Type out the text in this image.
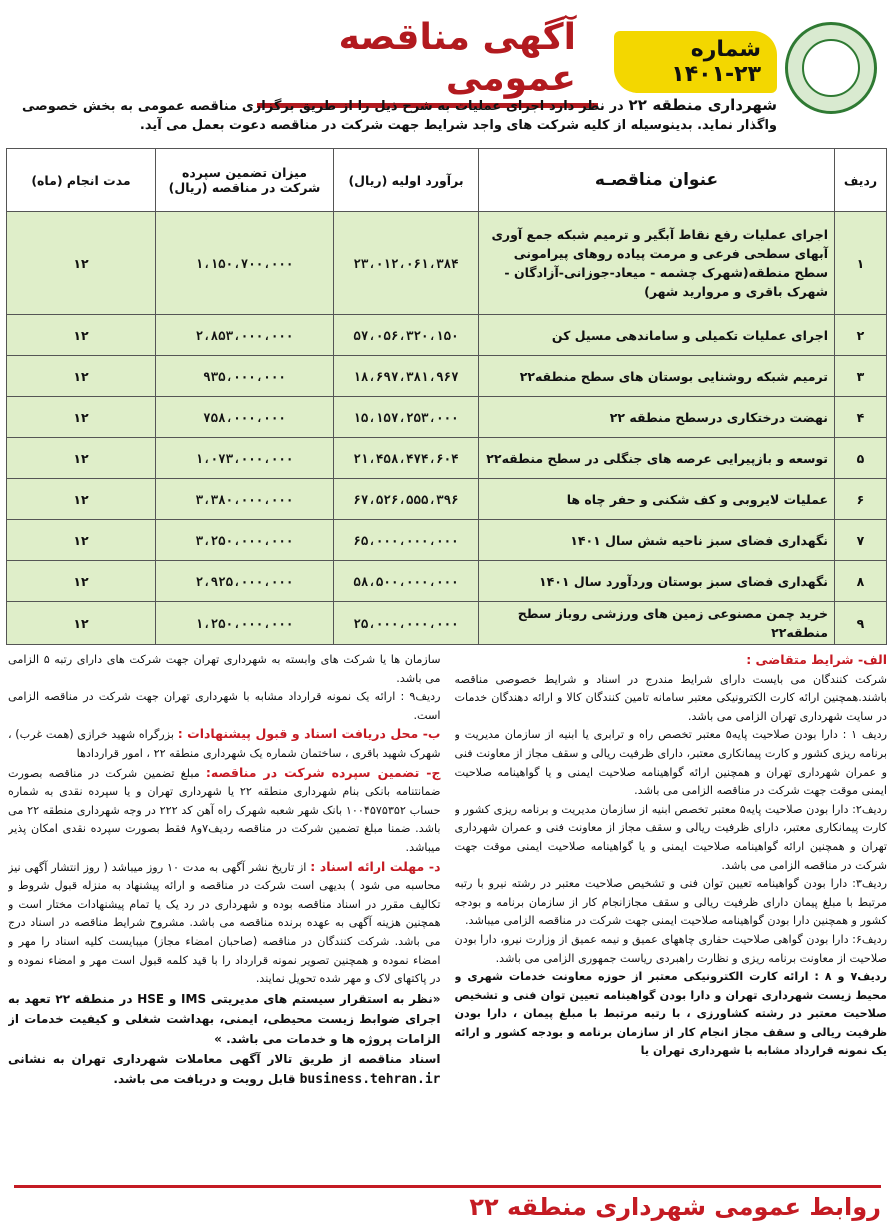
شماره ۲۳-۱۴۰۱
آگهی مناقصه عمومی
شهرداری منطقه ۲۲ در نظر دارد اجرای عملیات به شرح ذیل را از طریق برگزاری مناقصه عمومی به بخش خصوصی واگذار نماید. بدینوسیله از کلیه شرکت های واجد شرایط جهت شرکت در مناقصه دعوت بعمل می آید.
ردیف	عنوان مناقصـه	برآورد اولیه (ریال)	میزان تضمین سپرده شرکت در مناقصه (ریال)	مدت انجام (ماه)
۱	اجرای عملیات رفع نقاط آبگیر و ترمیم شبکه جمع آوری آبهای سطحی فرعی و مرمت پیاده روهای پیرامونی سطح منطقه(شهرک چشمه - میعاد-جوزانی-آزادگان - شهرک باقری و مروارید شهر)	۲۳،۰۱۲،۰۶۱،۳۸۴	۱،۱۵۰،۷۰۰،۰۰۰	۱۲
۲	اجرای عملیات تکمیلی و ساماندهی مسیل کن	۵۷،۰۵۶،۳۲۰،۱۵۰	۲،۸۵۳،۰۰۰،۰۰۰	۱۲
۳	ترمیم شبکه روشنایی بوستان های سطح منطقه۲۲	۱۸،۶۹۷،۳۸۱،۹۶۷	۹۳۵،۰۰۰،۰۰۰	۱۲
۴	نهضت درختکاری درسطح منطقه ۲۲	۱۵،۱۵۷،۲۵۳،۰۰۰	۷۵۸،۰۰۰،۰۰۰	۱۲
۵	توسعه و بازپیرایی عرصه های جنگلی در سطح منطقه۲۲	۲۱،۴۵۸،۴۷۴،۶۰۴	۱،۰۷۳،۰۰۰،۰۰۰	۱۲
۶	عملیات لایروبی و کف شکنی و حفر چاه ها	۶۷،۵۲۶،۵۵۵،۳۹۶	۳،۳۸۰،۰۰۰،۰۰۰	۱۲
۷	نگهداری فضای سبز ناحیه شش سال ۱۴۰۱	۶۵،۰۰۰،۰۰۰،۰۰۰	۳،۲۵۰،۰۰۰،۰۰۰	۱۲
۸	نگهداری فضای سبز بوستان وردآورد سال ۱۴۰۱	۵۸،۵۰۰،۰۰۰،۰۰۰	۲،۹۲۵،۰۰۰،۰۰۰	۱۲
۹	خرید چمن مصنوعی زمین های ورزشی روباز سطح منطقه۲۲	۲۵،۰۰۰،۰۰۰،۰۰۰	۱،۲۵۰،۰۰۰،۰۰۰	۱۲

الف- شرایط متقاضی :

شرکت کنندگان می بایست دارای شرایط مندرج در اسناد و شرایط خصوصی مناقصه باشند.همچنین ارائه کارت الکترونیکی معتبر سامانه تامین کنندگان کالا و ارائه دهندگان خدمات در سایت شهرداری تهران الزامی می باشد.

ردیف ۱ : دارا بودن صلاحیت پایه۵ معتبر تخصص راه و ترابری یا ابنیه از سازمان مدیریت و برنامه ریزی کشور و کارت پیمانکاری معتبر، دارای ظرفیت ریالی و سقف مجاز از معاونت فنی و عمران شهرداری تهران و همچنین ارائه گواهینامه صلاحیت ایمنی و یا گواهینامه صلاحیت ایمنی موقت جهت شرکت در مناقصه الزامی می باشد.

ردیف۲: دارا بودن صلاحیت پایه۵ معتبر تخصص ابنیه از سازمان مدیریت و برنامه ریزی کشور و کارت پیمانکاری معتبر، دارای ظرفیت ریالی و سقف مجاز از معاونت فنی و عمران شهرداری تهران و همچنین ارائه گواهینامه صلاحیت ایمنی و یا گواهینامه صلاحیت ایمنی موقت جهت شرکت در مناقصه الزامی می باشد.

ردیف۳: دارا بودن گواهینامه تعیین توان فنی و تشخیص صلاحیت معتبر در رشته نیرو با رتبه مرتبط با مبلغ پیمان دارای ظرفیت ریالی و سقف مجازانجام کار از سازمان برنامه و بودجه کشور و همچنین دارا بودن گواهینامه صلاحیت ایمنی جهت شرکت در مناقصه الزامی میباشد.

ردیف۶: دارا بودن گواهی صلاحیت حفاری چاههای عمیق و نیمه عمیق از وزارت نیرو، دارا بودن صلاحیت از معاونت برنامه ریزی و نظارت راهبردی ریاست جمهوری الزامی می باشد.

ردیف۷ و ۸ : ارائه کارت الکترونیکی معتبر از حوزه معاونت خدمات شهری و محیط زیست شهرداری تهران و دارا بودن گواهینامه تعیین توان فنی و تشخیص صلاحیت معتبر در رشته کشاورزی ، با رتبه مرتبط با مبلغ پیمان ، دارا بودن ظرفیت ریالی و سقف مجاز انجام کار از سازمان برنامه و بودجه کشور و ارائه یک نمونه قرارداد مشابه با شهرداری تهران یا

سازمان ها یا شرکت های وابسته به شهرداری تهران جهت شرکت های دارای رتبه ۵ الزامی می باشد.

ردیف۹ : ارائه یک نمونه قرارداد مشابه با شهرداری تهران جهت شرکت در مناقصه الزامی است.

ب- محل دریافت اسناد و قبول پیشنهادات : بزرگراه شهید خرازی (همت غرب) ، شهرک شهید باقری ، ساختمان شماره یک شهرداری منطقه ۲۲ ، امور قراردادها

ج- تضمین سپرده شرکت در مناقصه: مبلغ تضمین شرکت در مناقصه بصورت ضمانتنامه بانکی بنام شهرداری منطقه ۲۲ یا شهرداری تهران و یا سپرده نقدی به شماره حساب ۱۰۰۴۵۷۵۳۵۲ بانک شهر شعبه شهرک راه آهن کد ۲۲۲ در وجه شهرداری منطقه ۲۲ می باشد. ضمنا مبلغ تضمین شرکت در مناقصه ردیف۷و۸ فقط بصورت سپرده نقدی امکان پذیر میباشد.

د- مهلت ارائه اسناد : از تاریخ نشر آگهی به مدت ۱۰ روز میباشد ( روز انتشار آگهی نیز محاسبه می شود ) بدیهی است شرکت در مناقصه و ارائه پیشنهاد به منزله قبول شروط و تکالیف مقرر در اسناد مناقصه بوده و شهرداری در رد یک یا تمام پیشنهادات مختار است و همچنین هزینه آگهی به عهده برنده مناقصه می باشد. مشروح شرایط مناقصه در اسناد درج می باشد. شرکت کنندگان در مناقصه (صاحبان امضاء مجاز) میبایست کلیه اسناد را مهر و امضاء نموده و همچنین تصویر نمونه قرارداد را با قید کلمه قبول است مهر و امضاء نموده و در پاکتهای لاک و مهر شده تحویل نمایند.

«نظر به استقرار سیستم های مدیریتی IMS و HSE در منطقه ۲۲ تعهد به اجرای ضوابط زیست محیطی، ایمنی، بهداشت شغلی و کیفیت خدمات از الزامات پروژه ها و خدمات می باشد. »

اسناد مناقصه از طریق تالار آگهی معاملات شهرداری تهران به نشانی business.tehran.ir قابل رویت و دریافت می باشد.

روابط عمومی شهرداری منطقه ۲۲
